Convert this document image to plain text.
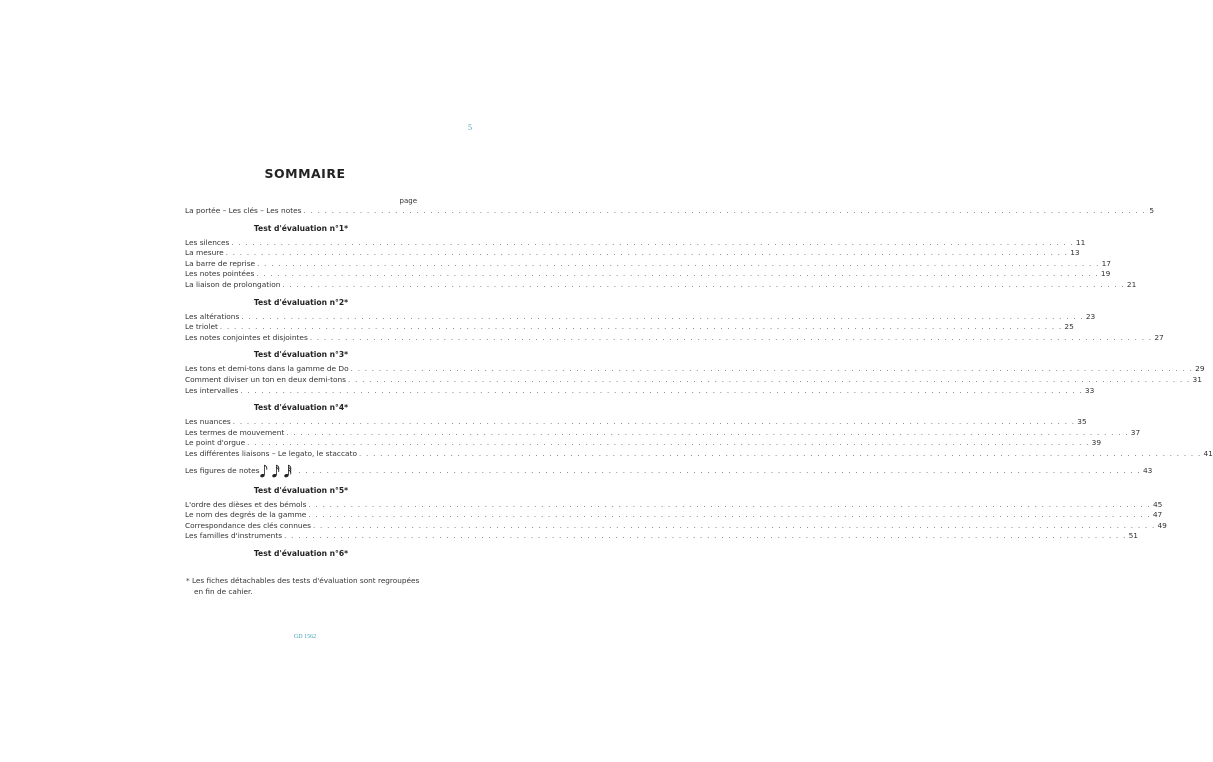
5
SOMMAIRE
page
La portée – Les clés – Les notes . . . . . . . . . . . . . . . . . . . . . . . . . . . . . . . . . . . . . . . . . . . . . . . . . . . . . . . . . . . . . . . . . . . . . . . . . . . . . . . . . . . . . . . . . . . . . . . . . . . . . . . . . . . . . . . . . . . . . . . . 5
Test d'évaluation n°1*
Les silences . . . . . . . . . . . . . . . . . . . . . . . . . . . . . . . . . . . . . . . . . . . . . . . . . . . . . . . . . . . . . . . . . . . . . . . . . . . . . . . . . . . . . . . . . . . . . . . . . . . . . . . . . . . . . . . . . . . . . . . . 11
La mesure . . . . . . . . . . . . . . . . . . . . . . . . . . . . . . . . . . . . . . . . . . . . . . . . . . . . . . . . . . . . . . . . . . . . . . . . . . . . . . . . . . . . . . . . . . . . . . . . . . . . . . . . . . . . . . . . . . . . . . . . 13
La barre de reprise . . . . . . . . . . . . . . . . . . . . . . . . . . . . . . . . . . . . . . . . . . . . . . . . . . . . . . . . . . . . . . . . . . . . . . . . . . . . . . . . . . . . . . . . . . . . . . . . . . . . . . . . . . . . . . . . . . . . . . . . 17
Les notes pointées . . . . . . . . . . . . . . . . . . . . . . . . . . . . . . . . . . . . . . . . . . . . . . . . . . . . . . . . . . . . . . . . . . . . . . . . . . . . . . . . . . . . . . . . . . . . . . . . . . . . . . . . . . . . . . . . . . . . . . . . 19
La liaison de prolongation . . . . . . . . . . . . . . . . . . . . . . . . . . . . . . . . . . . . . . . . . . . . . . . . . . . . . . . . . . . . . . . . . . . . . . . . . . . . . . . . . . . . . . . . . . . . . . . . . . . . . . . . . . . . . . . . . . . . . . . . 21
Test d'évaluation n°2*
Les altérations . . . . . . . . . . . . . . . . . . . . . . . . . . . . . . . . . . . . . . . . . . . . . . . . . . . . . . . . . . . . . . . . . . . . . . . . . . . . . . . . . . . . . . . . . . . . . . . . . . . . . . . . . . . . . . . . . . . . . . . . 23
Le triolet . . . . . . . . . . . . . . . . . . . . . . . . . . . . . . . . . . . . . . . . . . . . . . . . . . . . . . . . . . . . . . . . . . . . . . . . . . . . . . . . . . . . . . . . . . . . . . . . . . . . . . . . . . . . . . . . . . . . . . . . 25
Les notes conjointes et disjointes . . . . . . . . . . . . . . . . . . . . . . . . . . . . . . . . . . . . . . . . . . . . . . . . . . . . . . . . . . . . . . . . . . . . . . . . . . . . . . . . . . . . . . . . . . . . . . . . . . . . . . . . . . . . . . . . . . . . . . . . 27
Test d'évaluation n°3*
Les tons et demi-tons dans la gamme de Do . . . . . . . . . . . . . . . . . . . . . . . . . . . . . . . . . . . . . . . . . . . . . . . . . . . . . . . . . . . . . . . . . . . . . . . . . . . . . . . . . . . . . . . . . . . . . . . . . . . . . . . . . . . . . . . . . . . . . . . . 29
Comment diviser un ton en deux demi-tons . . . . . . . . . . . . . . . . . . . . . . . . . . . . . . . . . . . . . . . . . . . . . . . . . . . . . . . . . . . . . . . . . . . . . . . . . . . . . . . . . . . . . . . . . . . . . . . . . . . . . . . . . . . . . . . . . . . . . . . . 31
Les intervalles . . . . . . . . . . . . . . . . . . . . . . . . . . . . . . . . . . . . . . . . . . . . . . . . . . . . . . . . . . . . . . . . . . . . . . . . . . . . . . . . . . . . . . . . . . . . . . . . . . . . . . . . . . . . . . . . . . . . . . . . 33
Test d'évaluation n°4*
Les nuances . . . . . . . . . . . . . . . . . . . . . . . . . . . . . . . . . . . . . . . . . . . . . . . . . . . . . . . . . . . . . . . . . . . . . . . . . . . . . . . . . . . . . . . . . . . . . . . . . . . . . . . . . . . . . . . . . . . . . . . . 35
Les termes de mouvement . . . . . . . . . . . . . . . . . . . . . . . . . . . . . . . . . . . . . . . . . . . . . . . . . . . . . . . . . . . . . . . . . . . . . . . . . . . . . . . . . . . . . . . . . . . . . . . . . . . . . . . . . . . . . . . . . . . . . . . . 37
Le point d'orgue . . . . . . . . . . . . . . . . . . . . . . . . . . . . . . . . . . . . . . . . . . . . . . . . . . . . . . . . . . . . . . . . . . . . . . . . . . . . . . . . . . . . . . . . . . . . . . . . . . . . . . . . . . . . . . . . . . . . . . . . 39
Les différentes liaisons – Le legato, le staccato . . . . . . . . . . . . . . . . . . . . . . . . . . . . . . . . . . . . . . . . . . . . . . . . . . . . . . . . . . . . . . . . . . . . . . . . . . . . . . . . . . . . . . . . . . . . . . . . . . . . . . . . . . . . . . . . . . . . . . . . 41
Les figures de notes	. . . . . . . . . . . . . . . . . . . . . . . . . . . . . . . . . . . . . . . . . . . . . . . . . . . . . . . . . . . . . . . . . . . . . . . . . . . . . . . . . . . . . . . . . . . . . . . . . . . . . . . . . . . . . . . . . . . . . . . . 43
Test d'évaluation n°5*
L'ordre des dièses et des bémols . . . . . . . . . . . . . . . . . . . . . . . . . . . . . . . . . . . . . . . . . . . . . . . . . . . . . . . . . . . . . . . . . . . . . . . . . . . . . . . . . . . . . . . . . . . . . . . . . . . . . . . . . . . . . . . . . . . . . . . . 45
Le nom des degrés de la gamme . . . . . . . . . . . . . . . . . . . . . . . . . . . . . . . . . . . . . . . . . . . . . . . . . . . . . . . . . . . . . . . . . . . . . . . . . . . . . . . . . . . . . . . . . . . . . . . . . . . . . . . . . . . . . . . . . . . . . . . . 47
Correspondance des clés connues . . . . . . . . . . . . . . . . . . . . . . . . . . . . . . . . . . . . . . . . . . . . . . . . . . . . . . . . . . . . . . . . . . . . . . . . . . . . . . . . . . . . . . . . . . . . . . . . . . . . . . . . . . . . . . . . . . . . . . . . 49
Les familles d'instruments . . . . . . . . . . . . . . . . . . . . . . . . . . . . . . . . . . . . . . . . . . . . . . . . . . . . . . . . . . . . . . . . . . . . . . . . . . . . . . . . . . . . . . . . . . . . . . . . . . . . . . . . . . . . . . . . . . . . . . . . 51
Test d'évaluation n°6*
* Les fiches détachables des tests d'évaluation sont regroupées
en fin de cahier.
GD 1562
